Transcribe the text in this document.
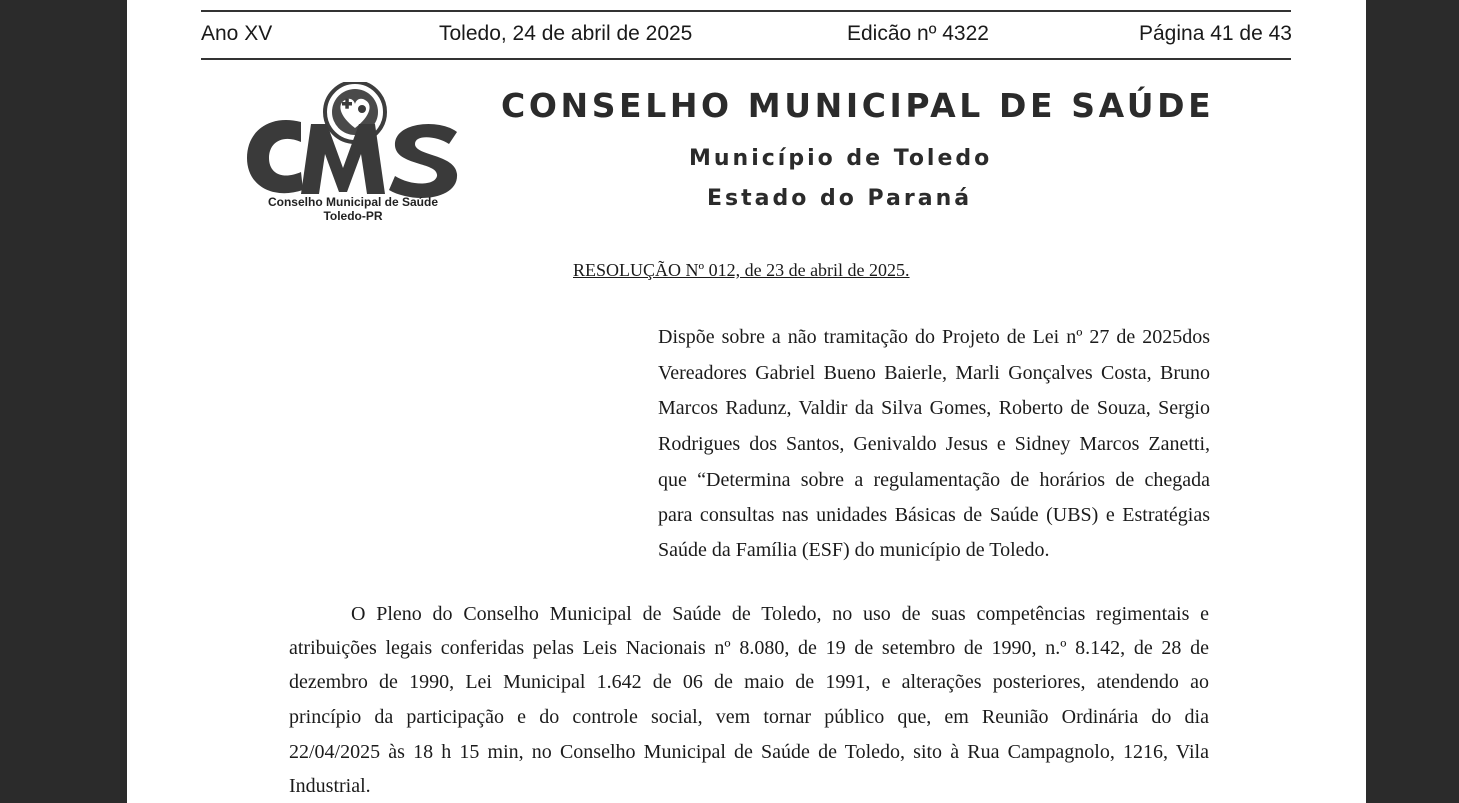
Ano XV	Toledo, 24 de abril de 2025	Edicão nº 4322	Página 41 de 43
Conselho Municipal de Saúde
Toledo-PR
CONSELHO MUNICIPAL DE SAÚDE
Município de Toledo
Estado do Paraná
RESOLUÇÃO Nº 012, de 23 de abril de 2025.
Dispõe sobre a não tramitação do Projeto de Lei nº 27 de 2025dos
Vereadores Gabriel Bueno Baierle, Marli Gonçalves Costa, Bruno
Marcos Radunz, Valdir da Silva Gomes, Roberto de Souza, Sergio
Rodrigues dos Santos, Genivaldo Jesus e Sidney Marcos Zanetti,
que “Determina sobre a regulamentação de horários de chegada
para consultas nas unidades Básicas de Saúde (UBS) e Estratégias
Saúde da Família (ESF) do município de Toledo.
O Pleno do Conselho Municipal de Saúde de Toledo, no uso de suas competências regimentais e
atribuições legais conferidas pelas Leis Nacionais nº 8.080, de 19 de setembro de 1990, n.º 8.142, de 28 de
dezembro de 1990, Lei Municipal 1.642 de 06 de maio de 1991, e alterações posteriores, atendendo ao
princípio da participação e do controle social, vem tornar público que, em Reunião Ordinária do dia
22/04/2025 às 18 h 15 min, no Conselho Municipal de Saúde de Toledo, sito à Rua Campagnolo, 1216, Vila
Industrial.
